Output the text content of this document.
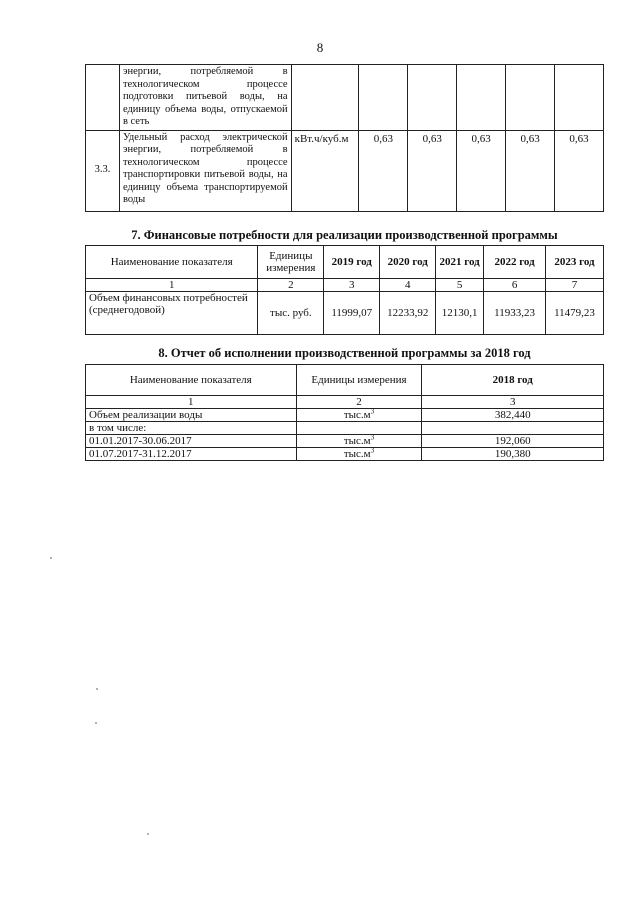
8
	энергии, потребляемой в технологическом процессе подготовки питьевой воды, на единицу объема воды, отпускаемой в сеть						
3.3.	Удельный расход электрической энергии, потребляемой в технологическом процессе транспортировки питьевой воды, на единицу объема транспортируемой воды	кВт.ч/куб.м	0,63	0,63	0,63	0,63	0,63
7. Финансовые потребности для реализации производственной программы
Наименование показателя	Единицы измерения	2019 год	2020 год	2021 год	2022 год	2023 год
1	2	3	4	5	6	7
Объем финансовых потребностей (среднегодовой)	тыс. руб.	11999,07	12233,92	12130,1	11933,23	11479,23
8. Отчет об исполнении производственной программы за 2018 год
Наименование показателя	Единицы измерения	2018 год
1	2	3
Объем реализации воды	$тыс.м^3$	382,440
в том числе:		
01.01.2017-30.06.2017	$тыс.м^3$	192,060
01.07.2017-31.12.2017	$тыс.м^3$	190,380
